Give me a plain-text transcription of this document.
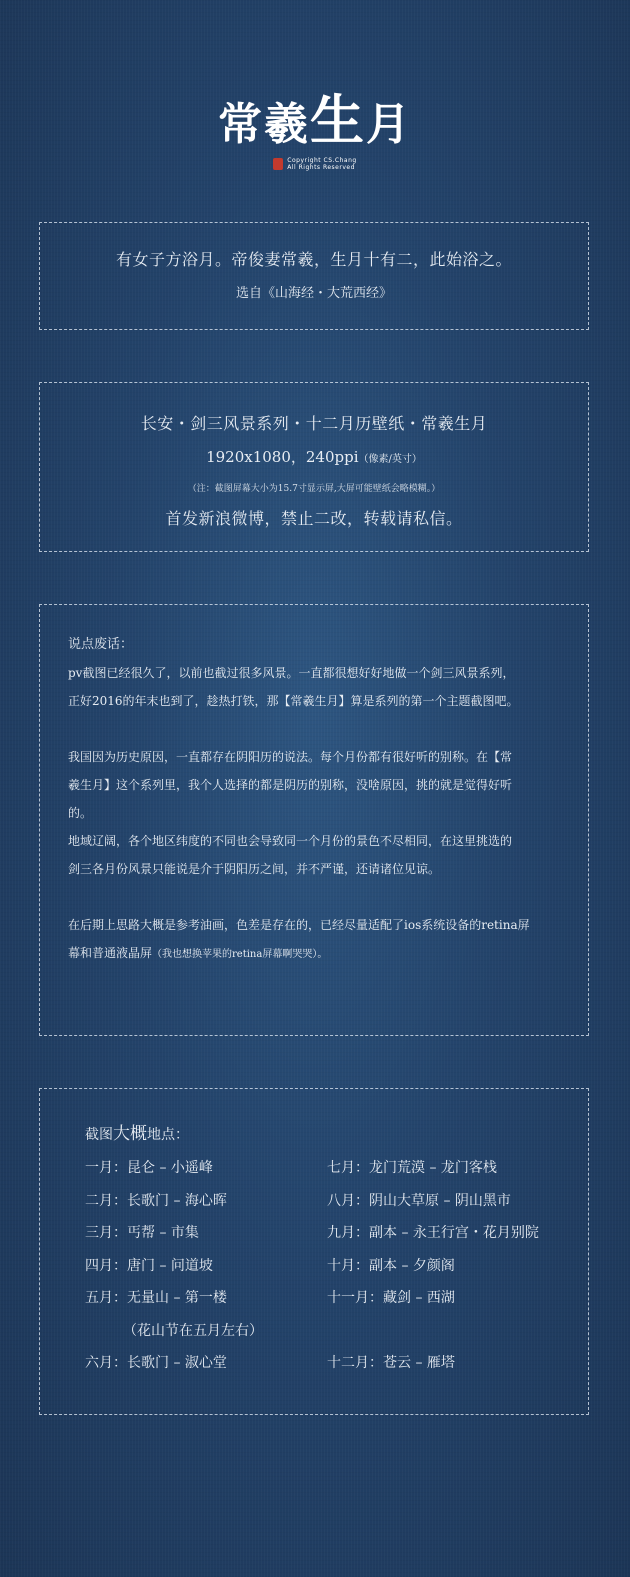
常羲生月
Copyright CS.Chang
All Rights Reserved
有女子方浴月。帝俊妻常羲，生月十有二，此始浴之。
选自《山海经・大荒西经》
长安・剑三风景系列・十二月历壁纸・常羲生月
1920x1080，240ppi（像素/英寸）
（注：截图屏幕大小为15.7寸显示屏,大屏可能壁纸会略模糊。）
首发新浪微博，禁止二改，转载请私信。

说点废话：

pv截图已经很久了，以前也截过很多风景。一直都很想好好地做一个剑三风景系列，

正好2016的年末也到了，趁热打铁，那【常羲生月】算是系列的第一个主题截图吧。

我国因为历史原因，一直都存在阴阳历的说法。每个月份都有很好听的别称。在【常

羲生月】这个系列里，我个人选择的都是阴历的别称，没啥原因，挑的就是觉得好听

的。

地域辽阔，各个地区纬度的不同也会导致同一个月份的景色不尽相同，在这里挑选的

剑三各月份风景只能说是介于阴阳历之间，并不严谨，还请诸位见谅。

在后期上思路大概是参考油画，色差是存在的，已经尽量适配了ios系统设备的retina屏

幕和普通液晶屏（我也想换苹果的retina屏幕啊哭哭）。

截图大概地点：
一月：昆仑 – 小遥峰
二月：长歌门 – 海心晖
三月：丐帮 – 市集
四月：唐门 – 问道坡
五月：无量山 – 第一楼
（花山节在五月左右）
六月：长歌门 – 淑心堂
七月：龙门荒漠 – 龙门客栈
八月：阴山大草原 – 阴山黑市
九月：副本 – 永王行宫・花月别院
十月：副本 – 夕颜阁
十一月：藏剑 – 西湖
十二月：苍云 – 雁塔
